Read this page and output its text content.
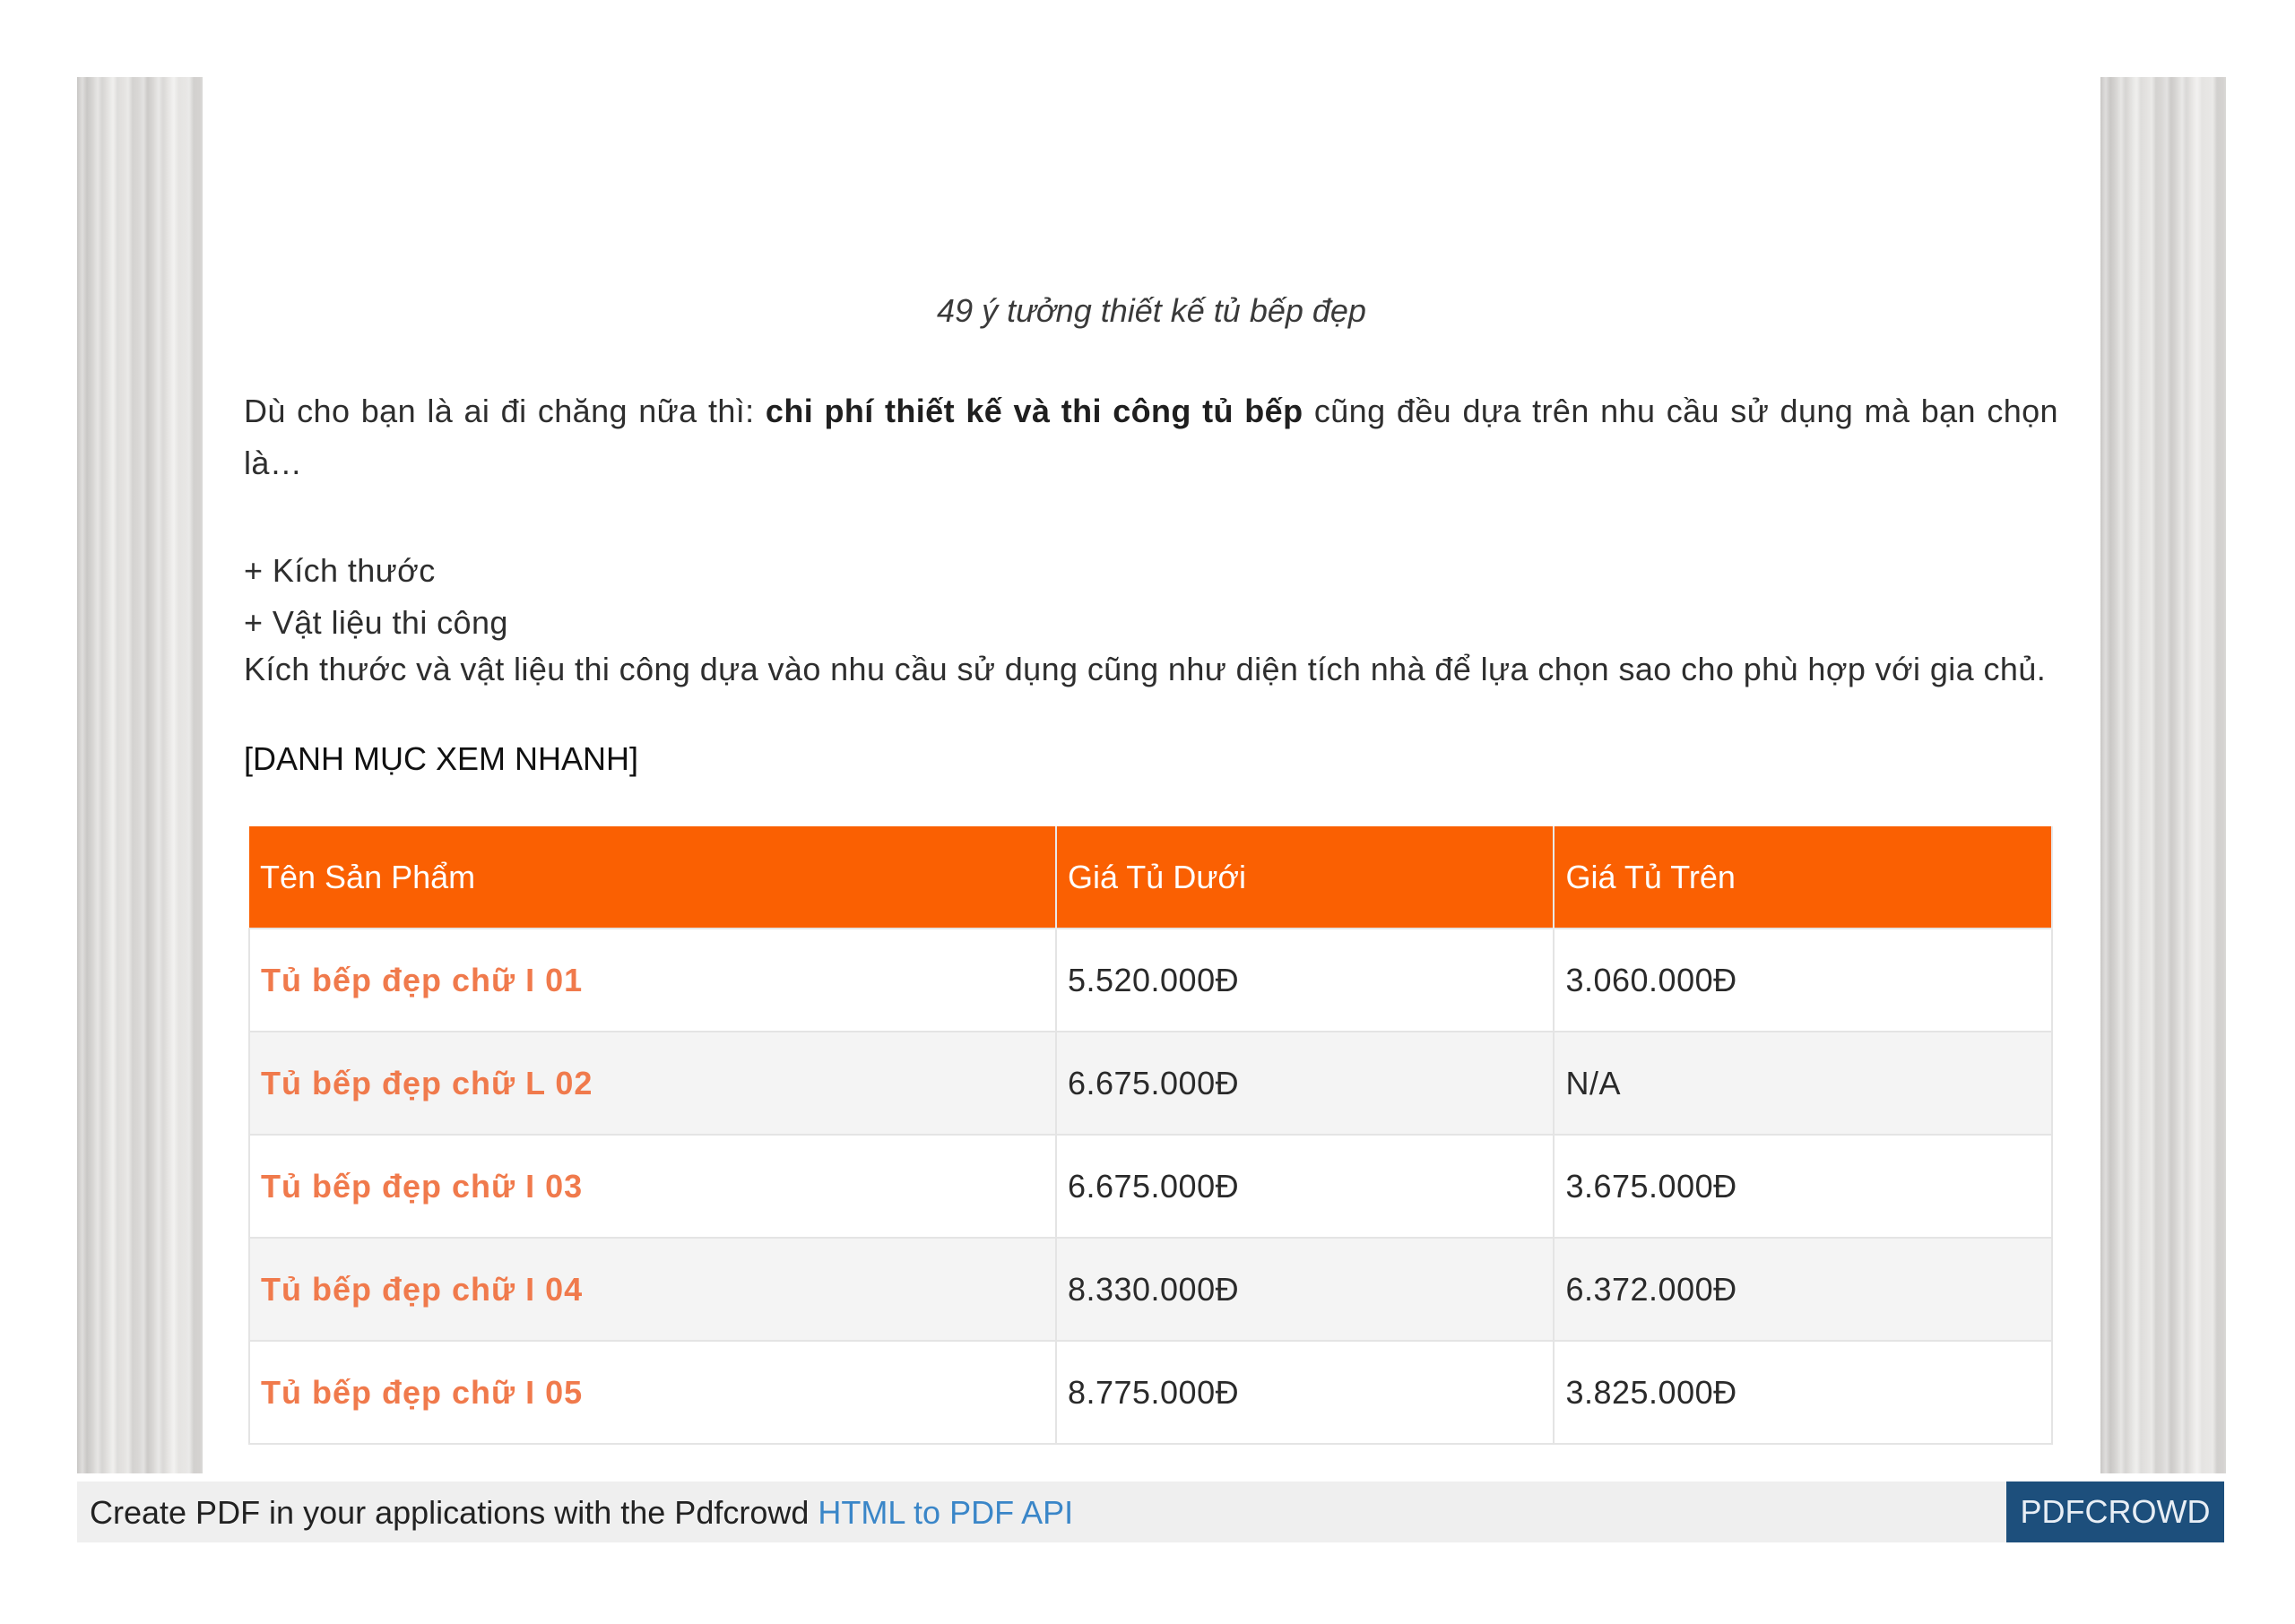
49 ý tưởng thiết kế tủ bếp đẹp
Dù cho bạn là ai đi chăng nữa thì: chi phí thiết kế và thi công tủ bếp cũng đều dựa trên nhu cầu sử dụng mà bạn chọn là…
+ Kích thước
+ Vật liệu thi công
Kích thước và vật liệu thi công dựa vào nhu cầu sử dụng cũng như diện tích nhà để lựa chọn sao cho phù hợp với gia chủ.
[DANH MỤC XEM NHANH]
Tên Sản Phẩm	Giá Tủ Dưới	Giá Tủ Trên
Tủ bếp đẹp chữ I 01	5.520.000Đ	3.060.000Đ
Tủ bếp đẹp chữ L 02	6.675.000Đ	N/A
Tủ bếp đẹp chữ I 03	6.675.000Đ	3.675.000Đ
Tủ bếp đẹp chữ I 04	8.330.000Đ	6.372.000Đ
Tủ bếp đẹp chữ I 05	8.775.000Đ	3.825.000Đ
Create PDF in your applications with the Pdfcrowd HTML to PDF API	PDFCROWD
